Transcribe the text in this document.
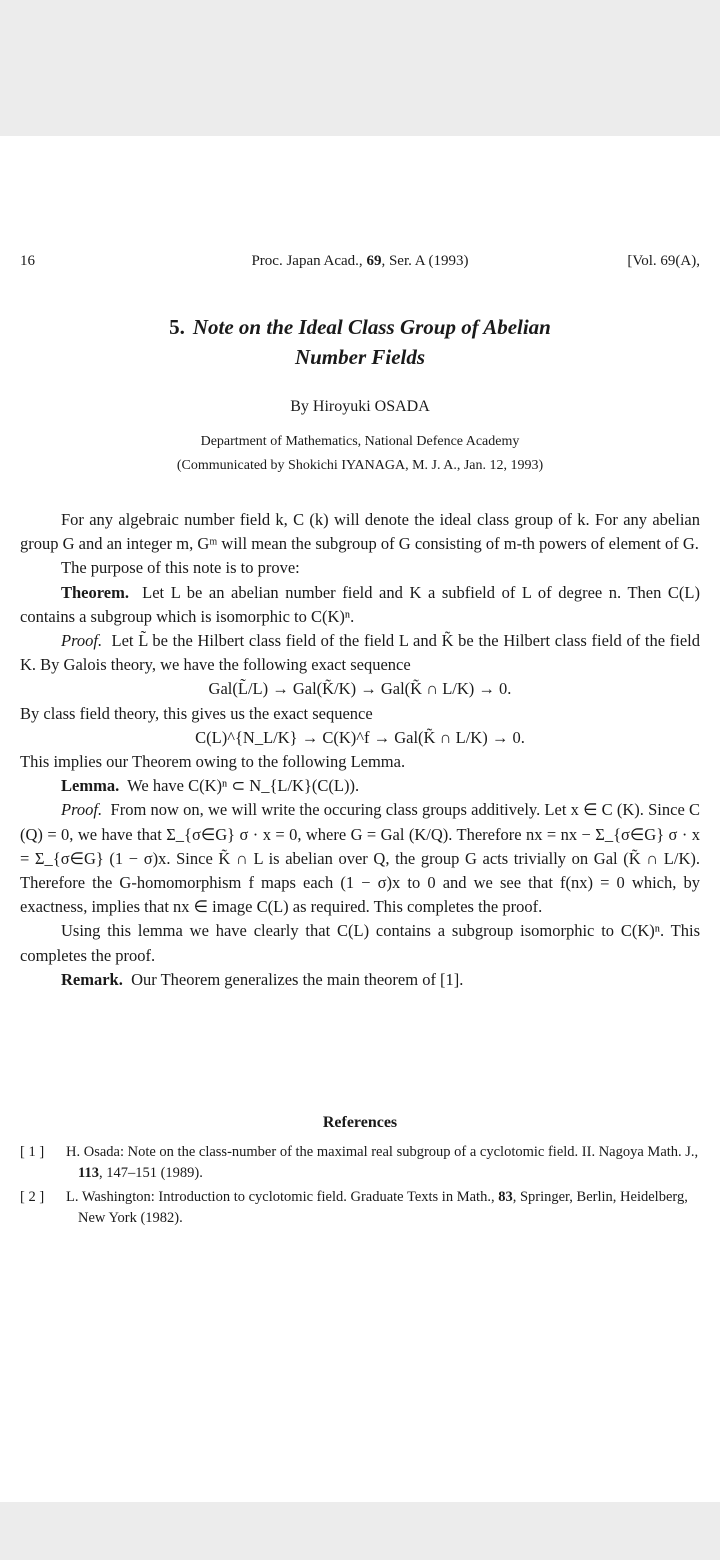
16	Proc. Japan Acad., 69, Ser. A (1993)	[Vol. 69(A),
5. Note on the Ideal Class Group of Abelian
Number Fields
By Hiroyuki OSADA
Department of Mathematics, National Defence Academy
(Communicated by Shokichi IYANAGA, M. J. A., Jan. 12, 1993)

For any algebraic number field k, C (k) will denote the ideal class group of k. For any abelian group G and an integer m, Gᵐ will mean the subgroup of G consisting of m-th powers of element of G.

The purpose of this note is to prove:

Theorem. Let L be an abelian number field and K a subfield of L of degree n. Then C(L) contains a subgroup which is isomorphic to C(K)ⁿ.

Proof. Let L̃ be the Hilbert class field of the field L and K̃ be the Hilbert class field of the field K. By Galois theory, we have the following exact sequence

Gal(L̃/L) → Gal(K̃/K) → Gal(K̃ ∩ L/K) → 0.

By class field theory, this gives us the exact sequence

C(L)^{N_L/K} → C(K)^f → Gal(K̃ ∩ L/K) → 0.

This implies our Theorem owing to the following Lemma.

Lemma. We have C(K)ⁿ ⊂ N_{L/K}(C(L)).

Proof. From now on, we will write the occuring class groups additively. Let x ∈ C (K). Since C (Q) = 0, we have that Σ_{σ∈G} σ · x = 0, where G = Gal (K/Q). Therefore nx = nx − Σ_{σ∈G} σ · x = Σ_{σ∈G} (1 − σ)x. Since K̃ ∩ L is abelian over Q, the group G acts trivially on Gal (K̃ ∩ L/K). Therefore the G-homomorphism f maps each (1 − σ)x to 0 and we see that f(nx) = 0 which, by exactness, implies that nx ∈ image C(L) as required. This completes the proof.

Using this lemma we have clearly that C(L) contains a subgroup isomorphic to C(K)ⁿ. This completes the proof.

Remark. Our Theorem generalizes the main theorem of [1].

References
[ 1 ] H. Osada: Note on the class-number of the maximal real subgroup of a cyclotomic field. II. Nagoya Math. J., 113, 147–151 (1989).
[ 2 ] L. Washington: Introduction to cyclotomic field. Graduate Texts in Math., 83, Springer, Berlin, Heidelberg, New York (1982).
